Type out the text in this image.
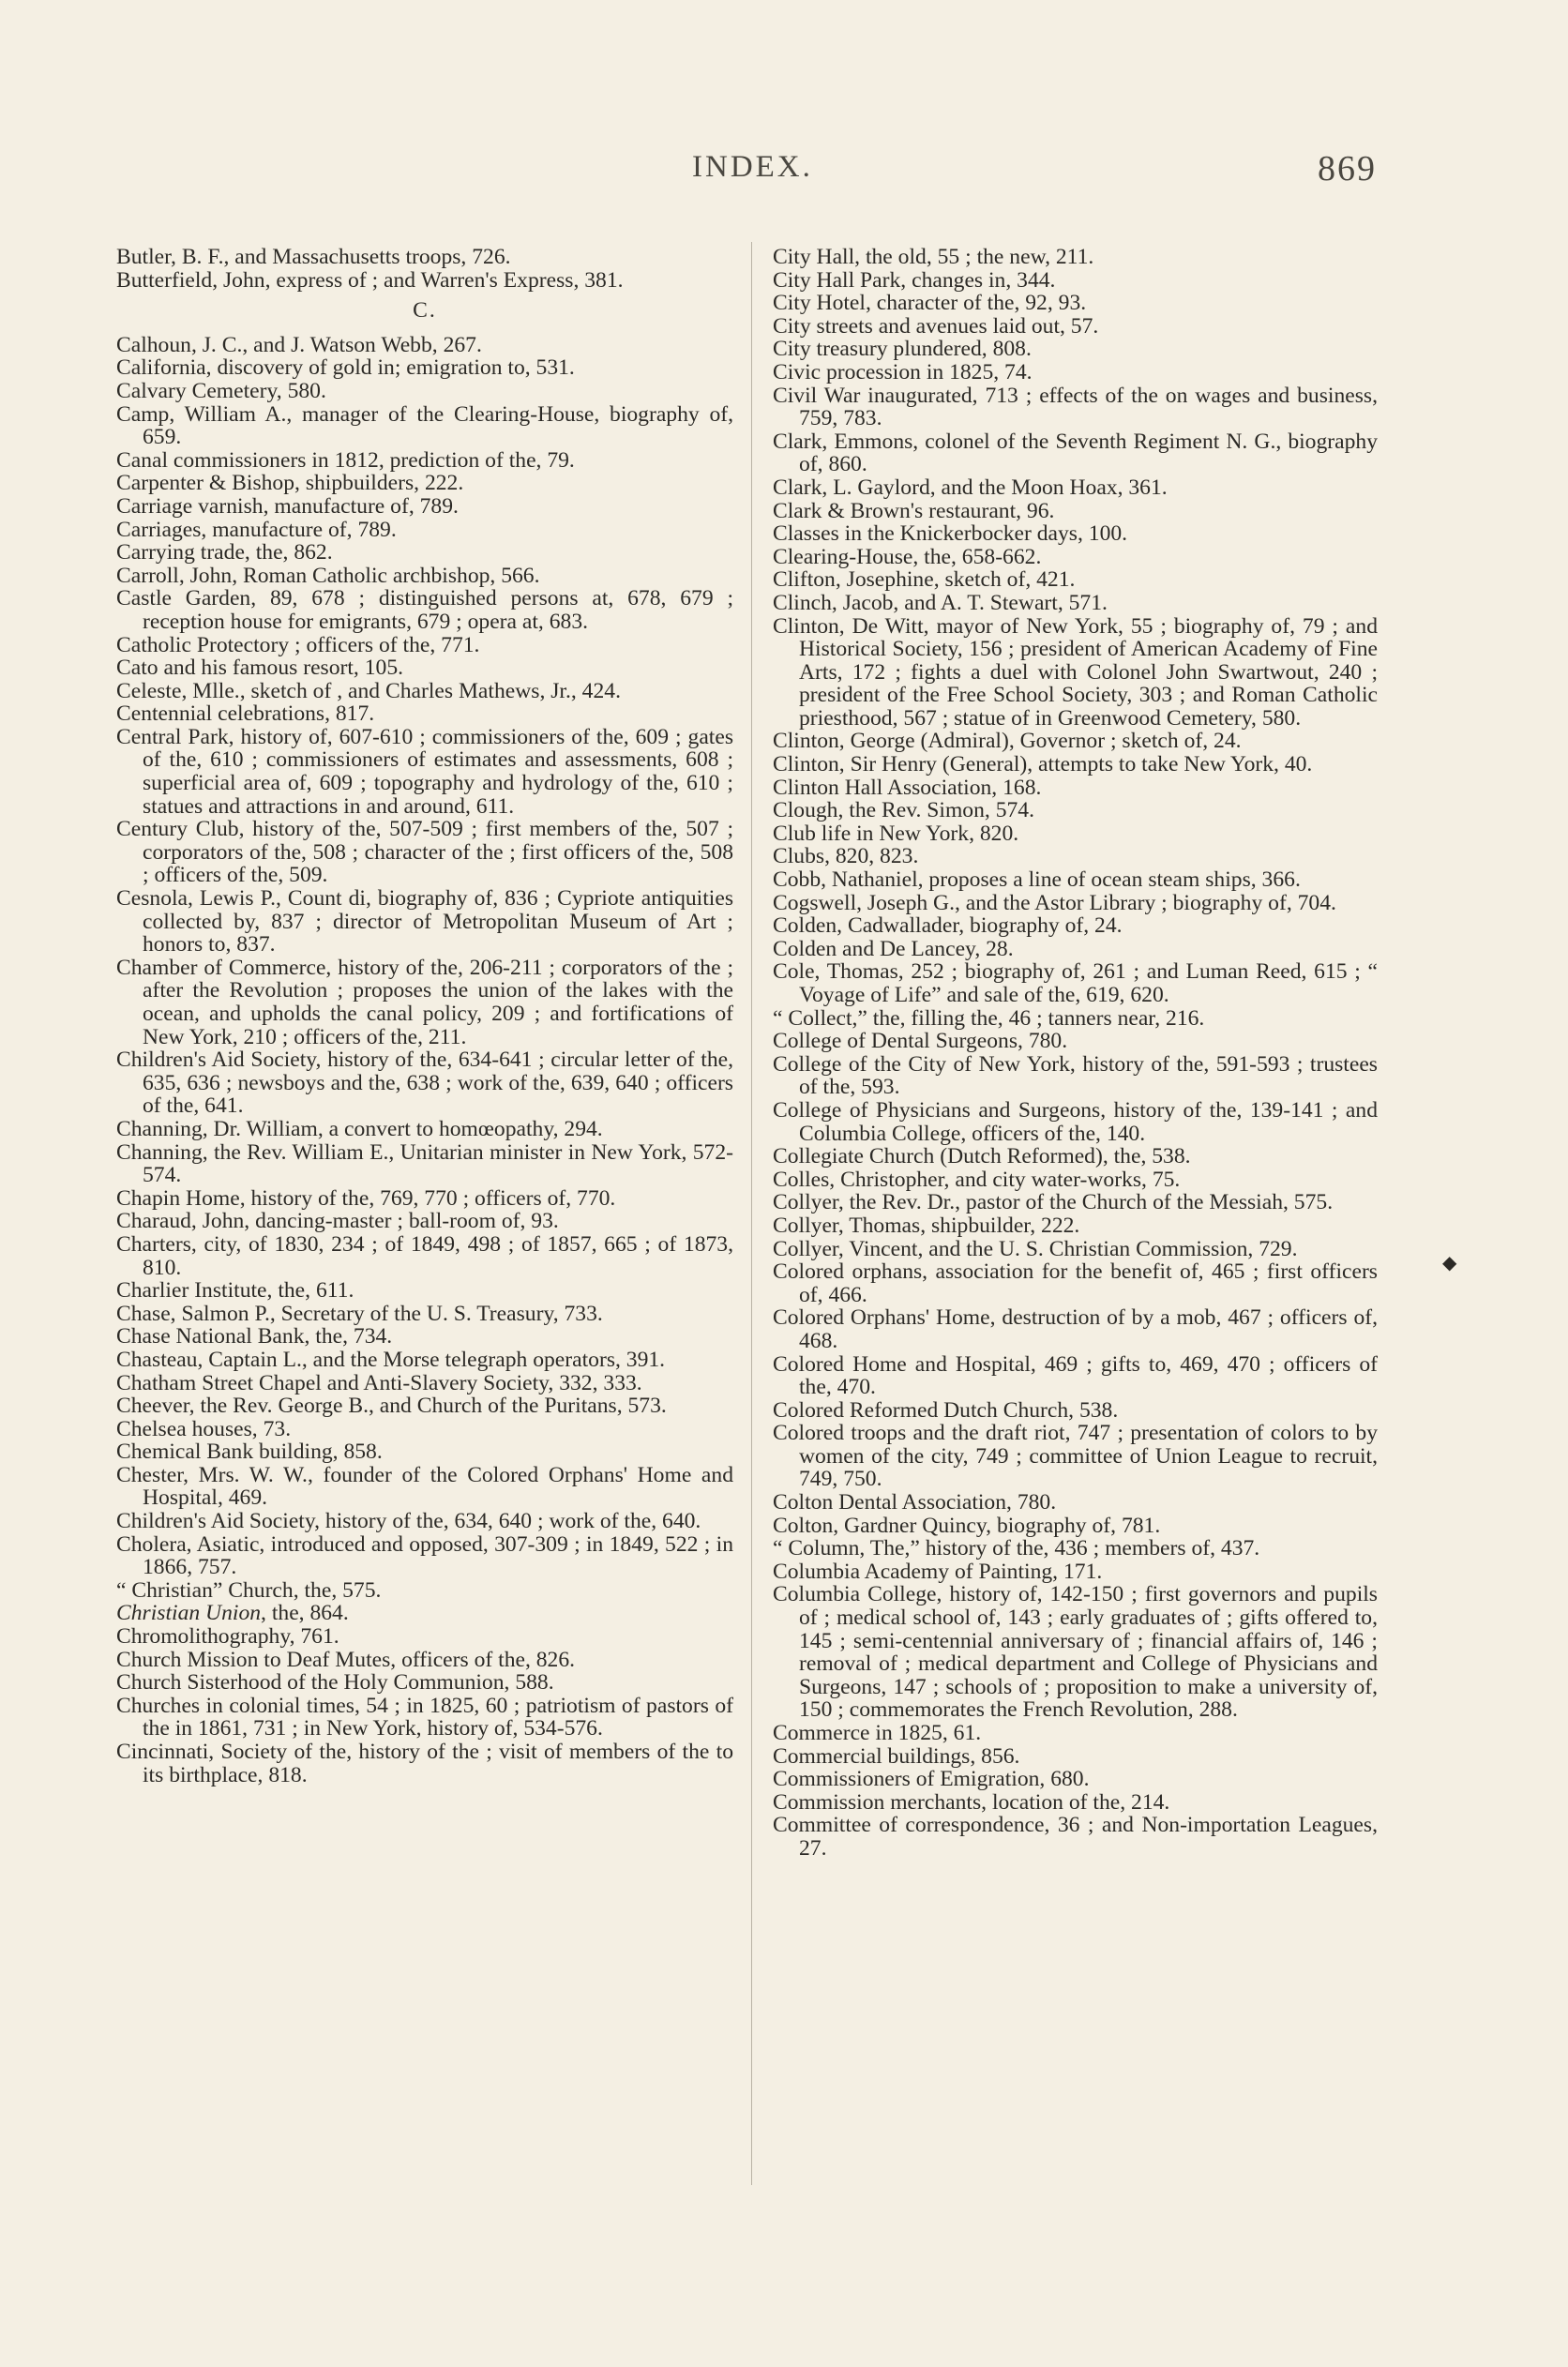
INDEX.	869

Butler, B. F., and Massachusetts troops, 726.

Butterfield, John, express of ; and Warren's Express, 381.

C.

Calhoun, J. C., and J. Watson Webb, 267.

California, discovery of gold in; emigration to, 531.

Calvary Cemetery, 580.

Camp, William A., manager of the Clearing-House, biography of, 659.

Canal commissioners in 1812, prediction of the, 79.

Carpenter & Bishop, shipbuilders, 222.

Carriage varnish, manufacture of, 789.

Carriages, manufacture of, 789.

Carrying trade, the, 862.

Carroll, John, Roman Catholic archbishop, 566.

Castle Garden, 89, 678 ; distinguished persons at, 678, 679 ; reception house for emigrants, 679 ; opera at, 683.

Catholic Protectory ; officers of the, 771.

Cato and his famous resort, 105.

Celeste, Mlle., sketch of , and Charles Mathews, Jr., 424.

Centennial celebrations, 817.

Central Park, history of, 607-610 ; commissioners of the, 609 ; gates of the, 610 ; commissioners of estimates and assessments, 608 ; superficial area of, 609 ; topography and hydrology of the, 610 ; statues and attractions in and around, 611.

Century Club, history of the, 507-509 ; first members of the, 507 ; corporators of the, 508 ; character of the ; first officers of the, 508 ; officers of the, 509.

Cesnola, Lewis P., Count di, biography of, 836 ; Cypriote antiquities collected by, 837 ; director of Metropolitan Museum of Art ; honors to, 837.

Chamber of Commerce, history of the, 206-211 ; corporators of the ; after the Revolution ; proposes the union of the lakes with the ocean, and upholds the canal policy, 209 ; and fortifications of New York, 210 ; officers of the, 211.

Children's Aid Society, history of the, 634-641 ; circular letter of the, 635, 636 ; newsboys and the, 638 ; work of the, 639, 640 ; officers of the, 641.

Channing, Dr. William, a convert to homœopathy, 294.

Channing, the Rev. William E., Unitarian minister in New York, 572-574.

Chapin Home, history of the, 769, 770 ; officers of, 770.

Charaud, John, dancing-master ; ball-room of, 93.

Charters, city, of 1830, 234 ; of 1849, 498 ; of 1857, 665 ; of 1873, 810.

Charlier Institute, the, 611.

Chase, Salmon P., Secretary of the U. S. Treasury, 733.

Chase National Bank, the, 734.

Chasteau, Captain L., and the Morse telegraph operators, 391.

Chatham Street Chapel and Anti-Slavery Society, 332, 333.

Cheever, the Rev. George B., and Church of the Puritans, 573.

Chelsea houses, 73.

Chemical Bank building, 858.

Chester, Mrs. W. W., founder of the Colored Orphans' Home and Hospital, 469.

Children's Aid Society, history of the, 634, 640 ; work of the, 640.

Cholera, Asiatic, introduced and opposed, 307-309 ; in 1849, 522 ; in 1866, 757.

“ Christian” Church, the, 575.

Christian Union, the, 864.

Chromolithography, 761.

Church Mission to Deaf Mutes, officers of the, 826.

Church Sisterhood of the Holy Communion, 588.

Churches in colonial times, 54 ; in 1825, 60 ; patriotism of pastors of the in 1861, 731 ; in New York, history of, 534-576.

Cincinnati, Society of the, history of the ; visit of members of the to its birthplace, 818.

City Hall, the old, 55 ; the new, 211.

City Hall Park, changes in, 344.

City Hotel, character of the, 92, 93.

City streets and avenues laid out, 57.

City treasury plundered, 808.

Civic procession in 1825, 74.

Civil War inaugurated, 713 ; effects of the on wages and business, 759, 783.

Clark, Emmons, colonel of the Seventh Regiment N. G., biography of, 860.

Clark, L. Gaylord, and the Moon Hoax, 361.

Clark & Brown's restaurant, 96.

Classes in the Knickerbocker days, 100.

Clearing-House, the, 658-662.

Clifton, Josephine, sketch of, 421.

Clinch, Jacob, and A. T. Stewart, 571.

Clinton, De Witt, mayor of New York, 55 ; biography of, 79 ; and Historical Society, 156 ; president of American Academy of Fine Arts, 172 ; fights a duel with Colonel John Swartwout, 240 ; president of the Free School Society, 303 ; and Roman Catholic priesthood, 567 ; statue of in Greenwood Cemetery, 580.

Clinton, George (Admiral), Governor ; sketch of, 24.

Clinton, Sir Henry (General), attempts to take New York, 40.

Clinton Hall Association, 168.

Clough, the Rev. Simon, 574.

Club life in New York, 820.

Clubs, 820, 823.

Cobb, Nathaniel, proposes a line of ocean steam ships, 366.

Cogswell, Joseph G., and the Astor Library ; biography of, 704.

Colden, Cadwallader, biography of, 24.

Colden and De Lancey, 28.

Cole, Thomas, 252 ; biography of, 261 ; and Luman Reed, 615 ; “ Voyage of Life” and sale of the, 619, 620.

“ Collect,” the, filling the, 46 ; tanners near, 216.

College of Dental Surgeons, 780.

College of the City of New York, history of the, 591-593 ; trustees of the, 593.

College of Physicians and Surgeons, history of the, 139-141 ; and Columbia College, officers of the, 140.

Collegiate Church (Dutch Reformed), the, 538.

Colles, Christopher, and city water-works, 75.

Collyer, the Rev. Dr., pastor of the Church of the Messiah, 575.

Collyer, Thomas, shipbuilder, 222.

Collyer, Vincent, and the U. S. Christian Commission, 729.

Colored orphans, association for the benefit of, 465 ; first officers of, 466.

Colored Orphans' Home, destruction of by a mob, 467 ; officers of, 468.

Colored Home and Hospital, 469 ; gifts to, 469, 470 ; officers of the, 470.

Colored Reformed Dutch Church, 538.

Colored troops and the draft riot, 747 ; presentation of colors to by women of the city, 749 ; committee of Union League to recruit, 749, 750.

Colton Dental Association, 780.

Colton, Gardner Quincy, biography of, 781.

“ Column, The,” history of the, 436 ; members of, 437.

Columbia Academy of Painting, 171.

Columbia College, history of, 142-150 ; first governors and pupils of ; medical school of, 143 ; early graduates of ; gifts offered to, 145 ; semi-centennial anniversary of ; financial affairs of, 146 ; removal of ; medical department and College of Physicians and Surgeons, 147 ; schools of ; proposition to make a university of, 150 ; commemorates the French Revolution, 288.

Commerce in 1825, 61.

Commercial buildings, 856.

Commissioners of Emigration, 680.

Commission merchants, location of the, 214.

Committee of correspondence, 36 ; and Non-importation Leagues, 27.

◆
